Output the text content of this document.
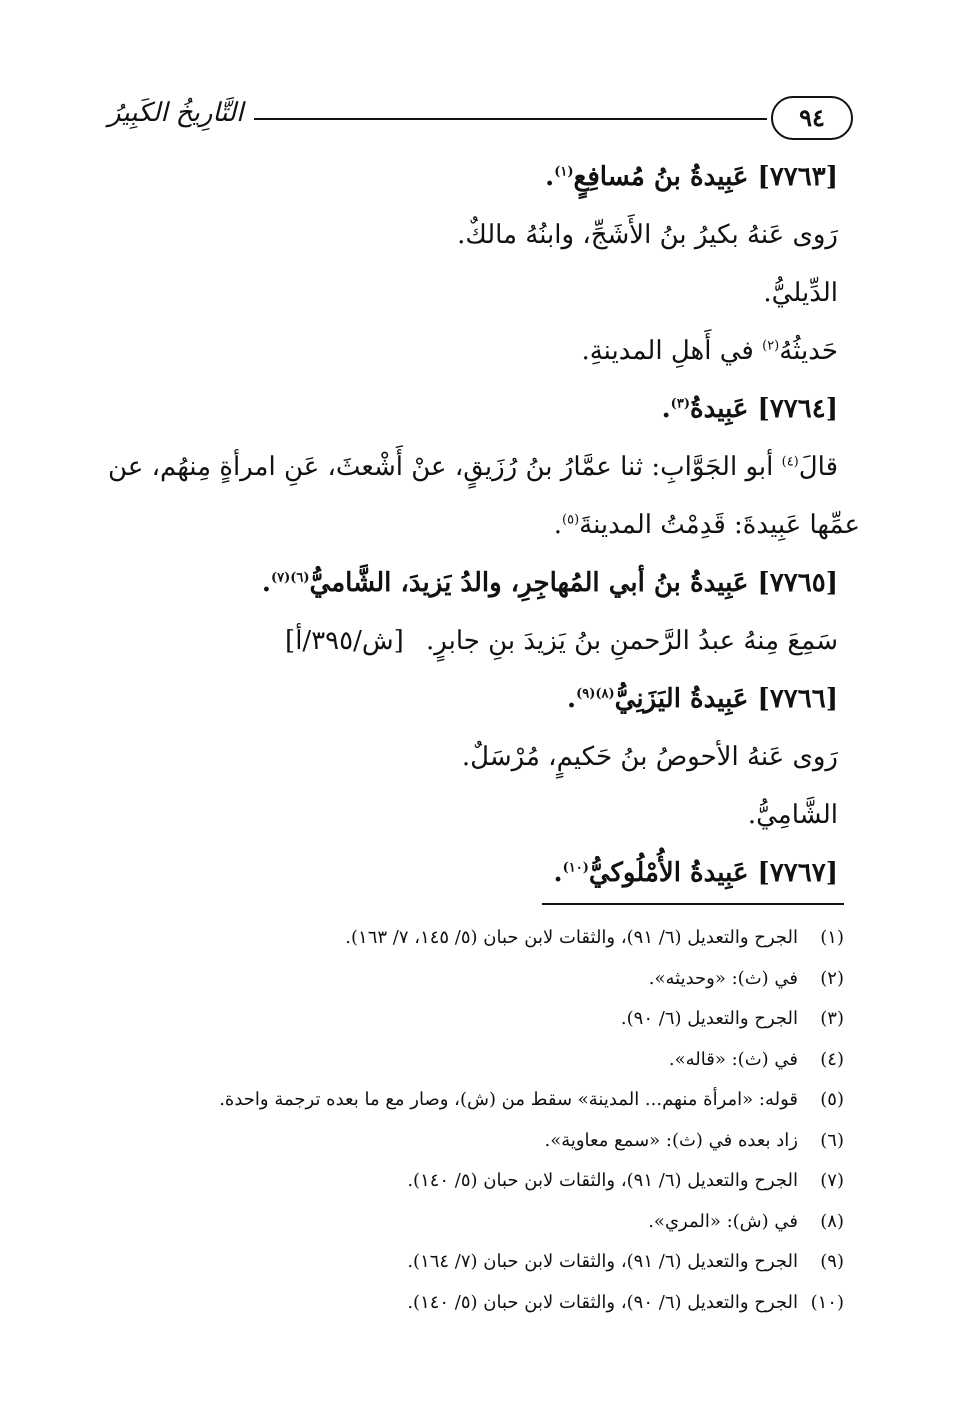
٩٤
التَّارِيخُ الكَبِيرُ
[٧٧٦٣] عَبِيدةُ بنُ مُسافِعٍ$^{(١)}$.
رَوى عَنهُ بكيرُ بنُ الأَشَجِّ، وابنُهُ مالكٌ.
الدِّيليُّ.
حَديثُهُ$^{(٢)}$ في أَهلِ المدينةِ.
[٧٧٦٤] عَبِيدةُ$^{(٣)}$.
قالَ$^{(٤)}$ أبو الجَوَّابِ: ثنا عمَّارُ بنُ رُزَيقٍ، عنْ أَشْعثَ، عَنِ امرأةٍ مِنهُم، عن
عمِّها عَبِيدةَ: قَدِمْتُ المدينةَ$^{(٥)}$.
[٧٧٦٥] عَبِيدةُ بنُ أبي المُهاجِرِ، والدُ يَزيدَ، الشَّاميُّ$^{(٦)(٧)}$.
سَمِعَ مِنهُ عبدُ الرَّحمنِ بنُ يَزيدَ بنِ جابرٍ. [ش/٣٩٥/أ]
[٧٧٦٦] عَبِيدةُ اليَزَنِيُّ$^{(٨)(٩)}$.
رَوى عَنهُ الأحوصُ بنُ حَكيمٍ، مُرْسَلٌ.
الشَّامِيُّ.
[٧٧٦٧] عَبِيدةُ الأُمْلُوكيُّ$^{(١٠)}$.
(١)الجرح والتعديل (٦/ ٩١)، والثقات لابن حبان (٥/ ١٤٥، ٧/ ١٦٣).
(٢)في (ث): «وحديثه».
(٣)الجرح والتعديل (٦/ ٩٠).
(٤)في (ث): «قاله».
(٥)قوله: «امرأة منهم... المدينة» سقط من (ش)، وصار مع ما بعده ترجمة واحدة.
(٦)زاد بعده في (ث): «سمع معاوية».
(٧)الجرح والتعديل (٦/ ٩١)، والثقات لابن حبان (٥/ ١٤٠).
(٨)في (ش): «المري».
(٩)الجرح والتعديل (٦/ ٩١)، والثقات لابن حبان (٧/ ١٦٤).
(١٠)الجرح والتعديل (٦/ ٩٠)، والثقات لابن حبان (٥/ ١٤٠).
